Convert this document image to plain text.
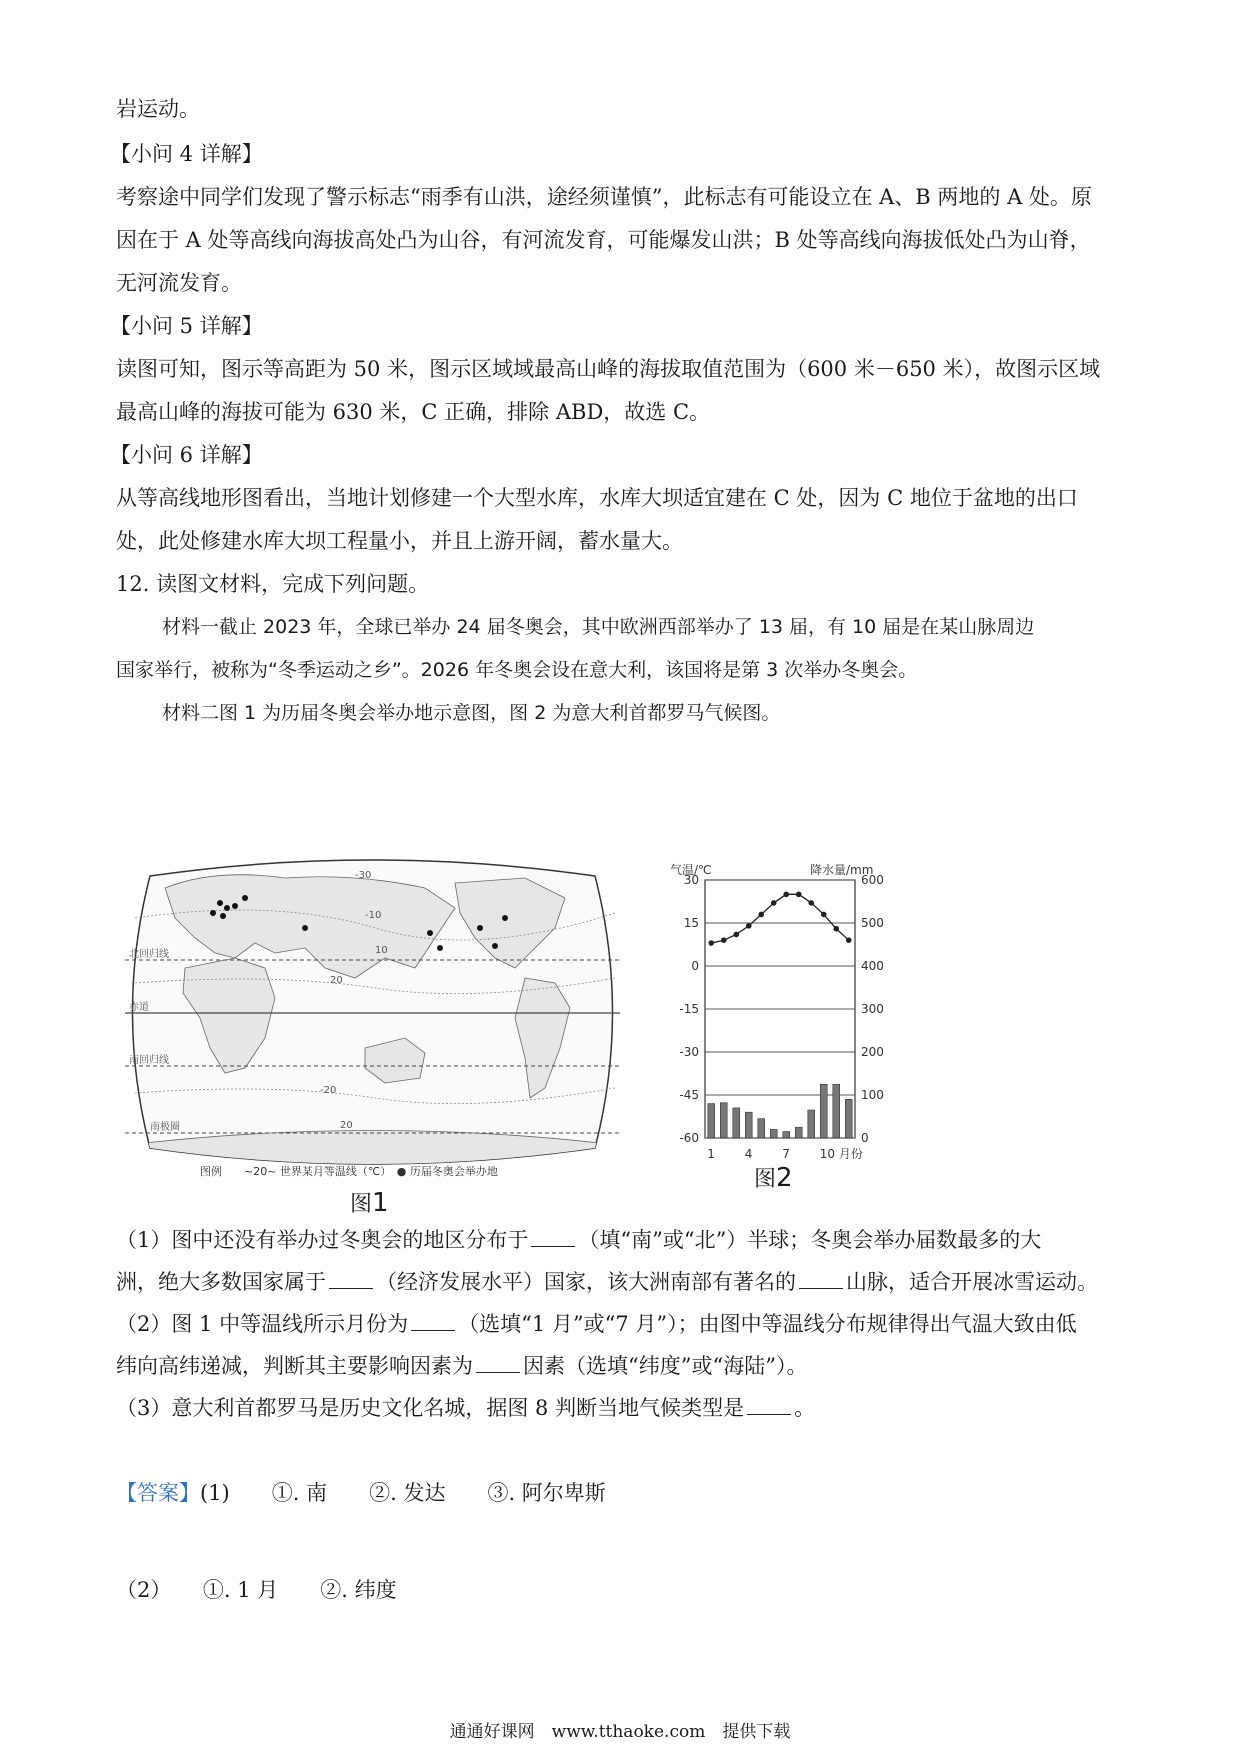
岩运动。
【小问 4 详解】
考察途中同学们发现了警示标志“雨季有山洪，途经须谨慎”，此标志有可能设立在 A、B 两地的 A 处。原
因在于 A 处等高线向海拔高处凸为山谷，有河流发育，可能爆发山洪；B 处等高线向海拔低处凸为山脊，
无河流发育。
【小问 5 详解】
读图可知，图示等高距为 50 米，图示区域域最高山峰的海拔取值范围为（600 米－650 米），故图示区域
最高山峰的海拔可能为 630 米，C 正确，排除 ABD，故选 C。
【小问 6 详解】
从等高线地形图看出，当地计划修建一个大型水库，水库大坝适宜建在 C 处，因为 C 地位于盆地的出口
处，此处修建水库大坝工程量小，并且上游开阔，蓄水量大。
12. 读图文材料，完成下列问题。
材料一截止 2023 年，全球已举办 24 届冬奥会，其中欧洲西部举办了 13 届，有 10 届是在某山脉周边
国家举行，被称为“冬季运动之乡”。2026 年冬奥会设在意大利，该国将是第 3 次举办冬奥会。
材料二图 1 为历届冬奥会举办地示意图，图 2 为意大利首都罗马气候图。
-30
-10
10
20
-20
20
北回归线
赤道
南回归线
南极圈
图例　　~20~ 世界某月等温线（℃）　● 历届冬奥会举办地
图1
气温/℃	降水量/mm
30
15
0
-15
-30
-45
-60
600
500
400
300
200
100
0
1 4 7 10 月份
图2
（1）图中还没有举办过冬奥会的地区分布于 （填“南”或“北”）半球；冬奥会举办届数最多的大
洲，绝大多数国家属于 （经济发展水平）国家，该大洲南部有著名的 山脉，适合开展冰雪运动。
（2）图 1 中等温线所示月份为 （选填“1 月”或“7 月”）；由图中等温线分布规律得出气温大致由低
纬向高纬递减，判断其主要影响因素为 因素（选填“纬度”或“海陆”）。
（3）意大利首都罗马是历史文化名城，据图 8 判断当地气候类型是 。
【答案】(1)　　①. 南　　②. 发达　　③. 阿尔卑斯
（2）　　①. 1 月　　②. 纬度
通通好课网　www.tthaoke.com　提供下载
